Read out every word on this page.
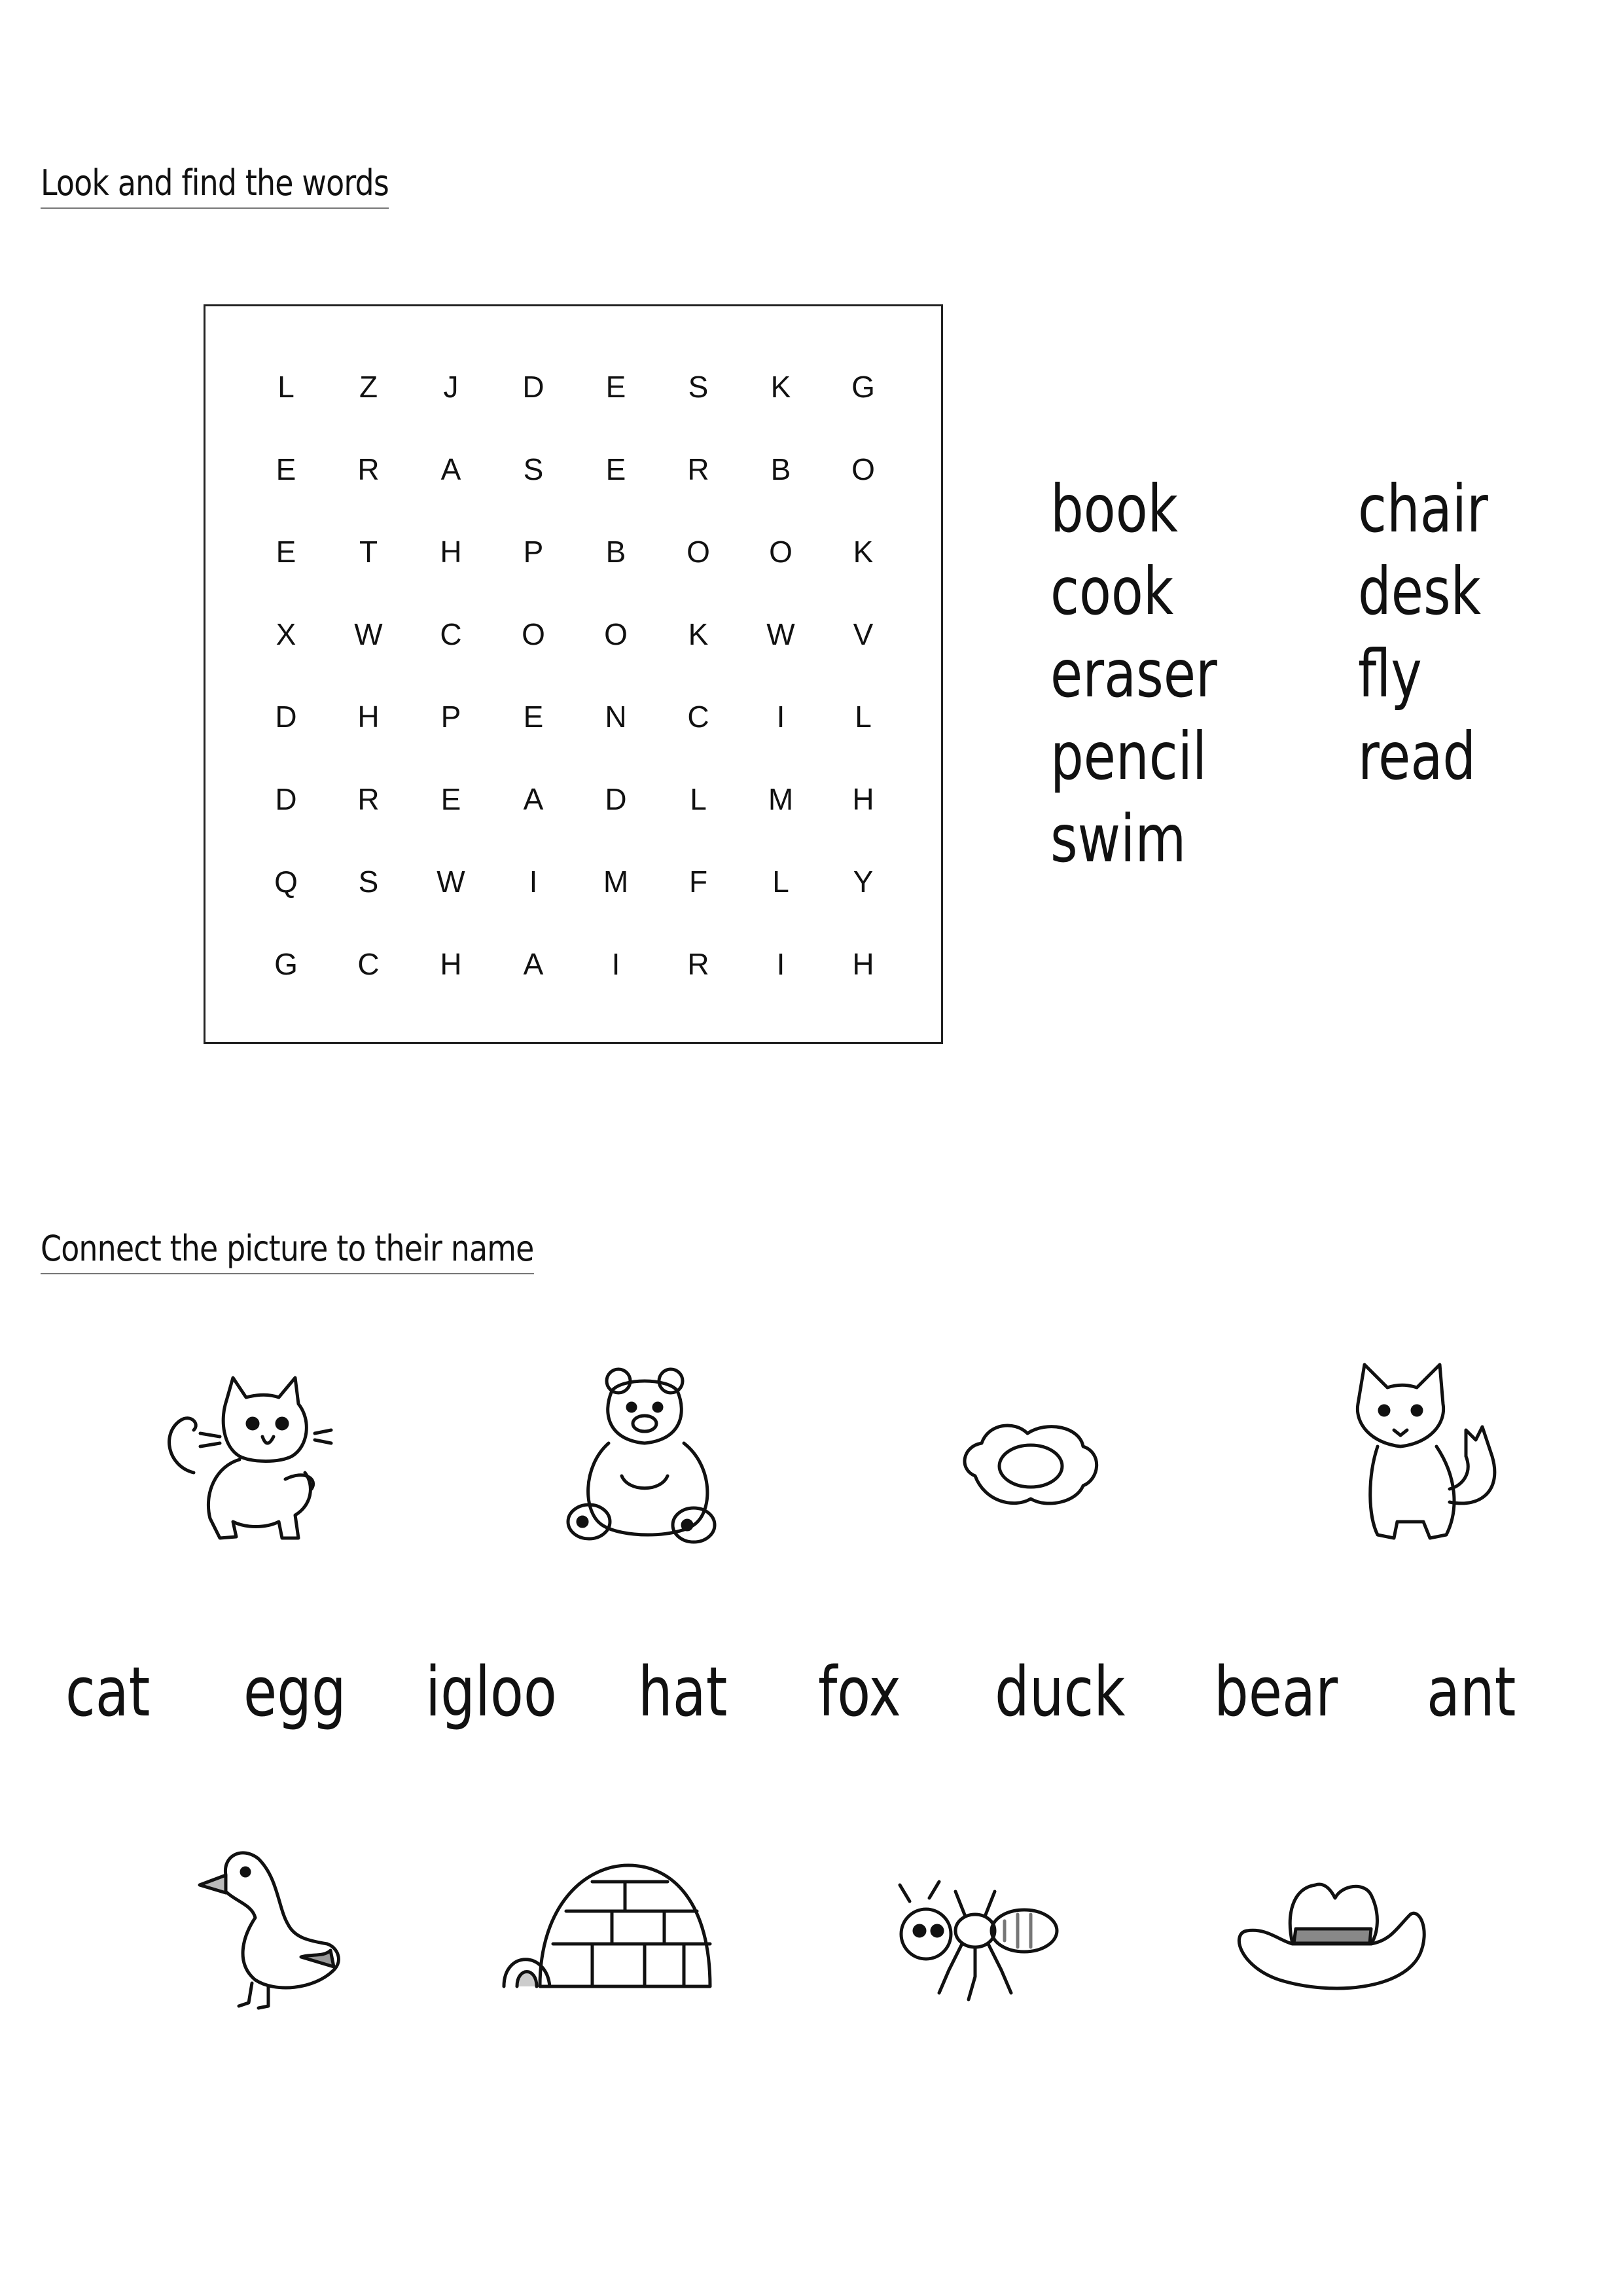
Look and find the words
L	Z	J	D	E	S	K	G
E	R	A	S	E	R	B	O
E	T	H	P	B	O	O	K
X	W	C	O	O	K	W	V
D	H	P	E	N	C	I	L
D	R	E	A	D	L	M	H
Q	S	W	I	M	F	L	Y
G	C	H	A	I	R	I	H
book
cook
eraser
pencil
swim
chair
desk
fly
read
Connect the picture to their name
cat egg igloo hat fox duck bear ant
